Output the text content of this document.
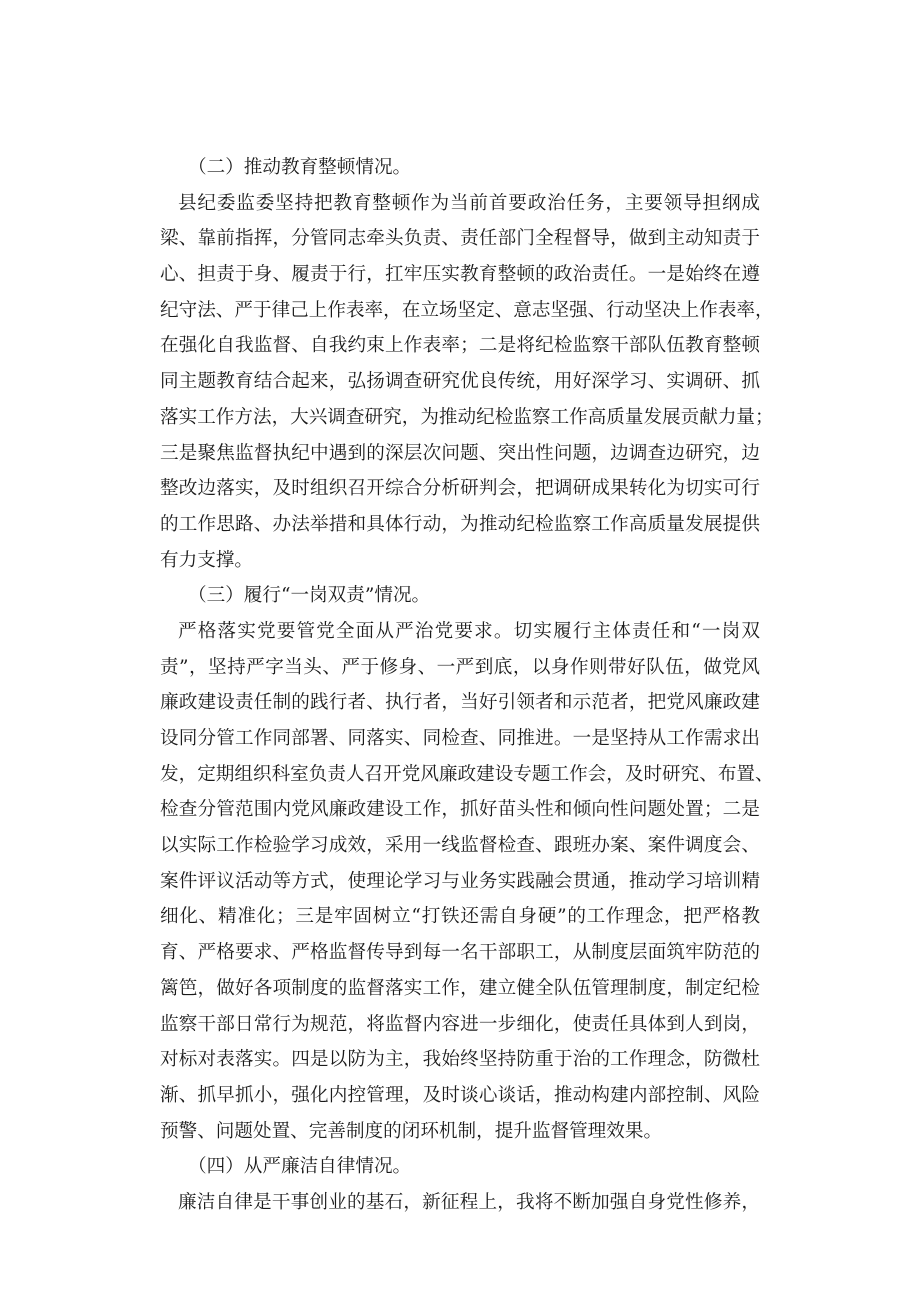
（二）推动教育整顿情况。
县纪委监委坚持把教育整顿作为当前首要政治任务，主要领导担纲成
梁、靠前指挥，分管同志牵头负责、责任部门全程督导，做到主动知责于
心、担责于身、履责于行，扛牢压实教育整顿的政治责任。一是始终在遵
纪守法、严于律己上作表率，在立场坚定、意志坚强、行动坚决上作表率，
在强化自我监督、自我约束上作表率；二是将纪检监察干部队伍教育整顿
同主题教育结合起来，弘扬调查研究优良传统，用好深学习、实调研、抓
落实工作方法，大兴调查研究，为推动纪检监察工作高质量发展贡献力量；
三是聚焦监督执纪中遇到的深层次问题、突出性问题，边调查边研究，边
整改边落实，及时组织召开综合分析研判会，把调研成果转化为切实可行
的工作思路、办法举措和具体行动，为推动纪检监察工作高质量发展提供
有力支撑。
（三）履行“一岗双责”情况。
严格落实党要管党全面从严治党要求。切实履行主体责任和“一岗双
责”，坚持严字当头、严于修身、一严到底，以身作则带好队伍，做党风
廉政建设责任制的践行者、执行者，当好引领者和示范者，把党风廉政建
设同分管工作同部署、同落实、同检查、同推进。一是坚持从工作需求出
发，定期组织科室负责人召开党风廉政建设专题工作会，及时研究、布置、
检查分管范围内党风廉政建设工作，抓好苗头性和倾向性问题处置；二是
以实际工作检验学习成效，采用一线监督检查、跟班办案、案件调度会、
案件评议活动等方式，使理论学习与业务实践融会贯通，推动学习培训精
细化、精准化；三是牢固树立“打铁还需自身硬”的工作理念，把严格教
育、严格要求、严格监督传导到每一名干部职工，从制度层面筑牢防范的
篱笆，做好各项制度的监督落实工作，建立健全队伍管理制度，制定纪检
监察干部日常行为规范，将监督内容进一步细化，使责任具体到人到岗，
对标对表落实。四是以防为主，我始终坚持防重于治的工作理念，防微杜
渐、抓早抓小，强化内控管理，及时谈心谈话，推动构建内部控制、风险
预警、问题处置、完善制度的闭环机制，提升监督管理效果。
（四）从严廉洁自律情况。
廉洁自律是干事创业的基石，新征程上，我将不断加强自身党性修养，
